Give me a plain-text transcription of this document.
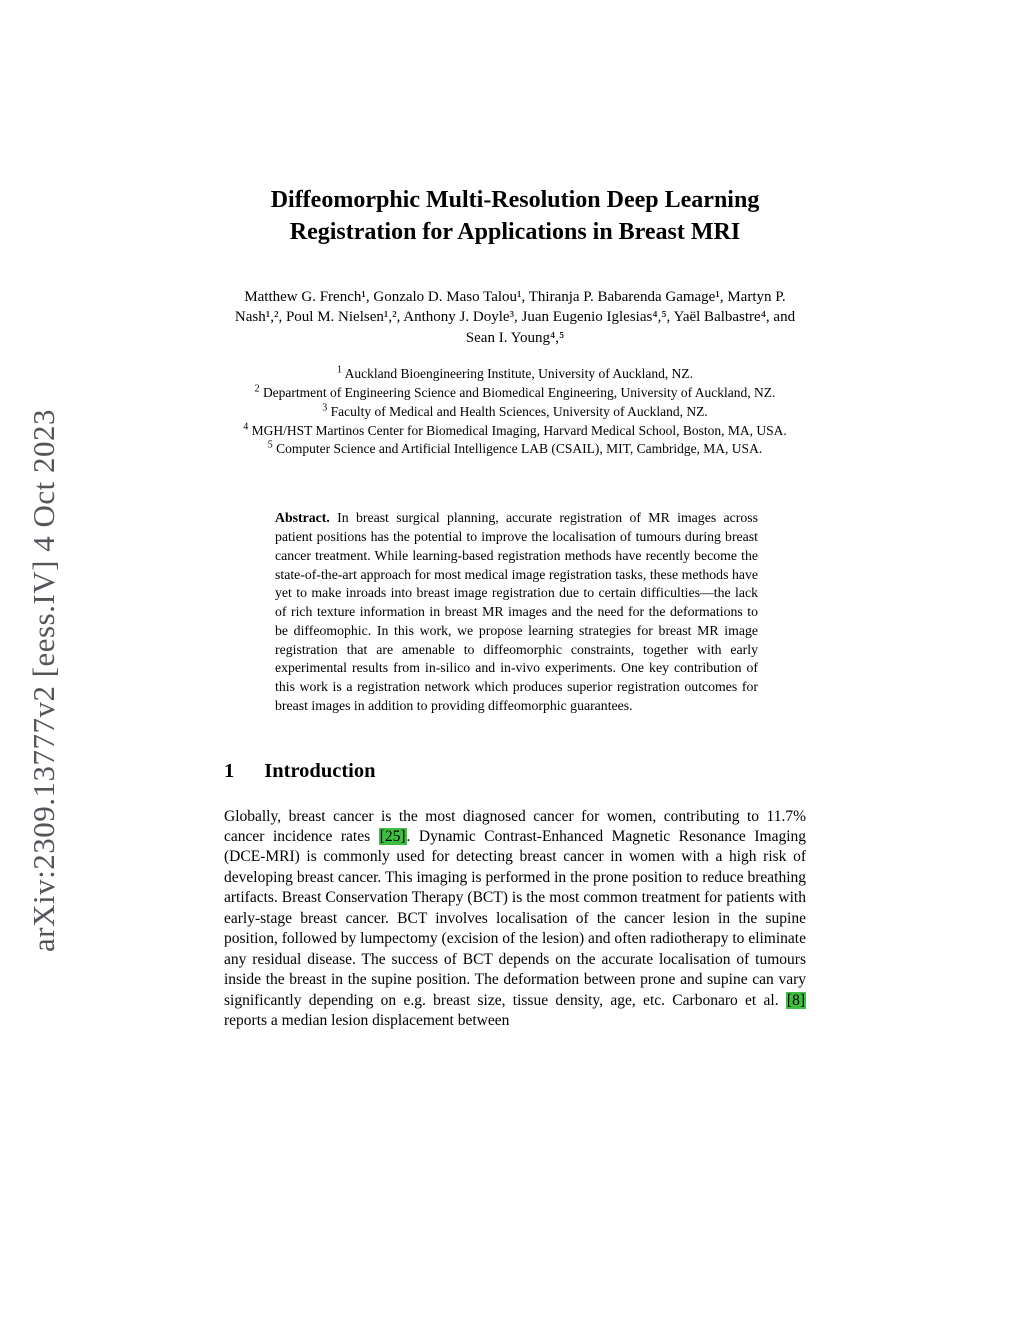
arXiv:2309.13777v2 [eess.IV] 4 Oct 2023
Diffeomorphic Multi-Resolution Deep Learning
Registration for Applications in Breast MRI

Matthew G. French¹, Gonzalo D. Maso Talou¹, Thiranja P. Babarenda Gamage¹, Martyn P. Nash¹,², Poul M. Nielsen¹,², Anthony J. Doyle³, Juan Eugenio Iglesias⁴,⁵, Yaël Balbastre⁴, and Sean I. Young⁴,⁵

$^1$ Auckland Bioengineering Institute, University of Auckland, NZ.
$^2$ Department of Engineering Science and Biomedical Engineering, University of Auckland, NZ.
$^3$ Faculty of Medical and Health Sciences, University of Auckland, NZ.
$^4$ MGH/HST Martinos Center for Biomedical Imaging, Harvard Medical School, Boston, MA, USA.
$^5$ Computer Science and Artificial Intelligence LAB (CSAIL), MIT, Cambridge, MA, USA.
Abstract. In breast surgical planning, accurate registration of MR images across patient positions has the potential to improve the localisation of tumours during breast cancer treatment. While learning-based registration methods have recently become the state-of-the-art approach for most medical image registration tasks, these methods have yet to make inroads into breast image registration due to certain difficulties—the lack of rich texture information in breast MR images and the need for the deformations to be diffeomophic. In this work, we propose learning strategies for breast MR image registration that are amenable to diffeomorphic constraints, together with early experimental results from in-silico and in-vivo experiments. One key contribution of this work is a registration network which produces superior registration outcomes for breast images in addition to providing diffeomorphic guarantees.
1 Introduction

Globally, breast cancer is the most diagnosed cancer for women, contributing to 11.7% cancer incidence rates [25]. Dynamic Contrast-Enhanced Magnetic Resonance Imaging (DCE-MRI) is commonly used for detecting breast cancer in women with a high risk of developing breast cancer. This imaging is performed in the prone position to reduce breathing artifacts. Breast Conservation Therapy (BCT) is the most common treatment for patients with early-stage breast cancer. BCT involves localisation of the cancer lesion in the supine position, followed by lumpectomy (excision of the lesion) and often radiotherapy to eliminate any residual disease. The success of BCT depends on the accurate localisation of tumours inside the breast in the supine position. The deformation between prone and supine can vary significantly depending on e.g. breast size, tissue density, age, etc. Carbonaro et al. [8] reports a median lesion displacement between
